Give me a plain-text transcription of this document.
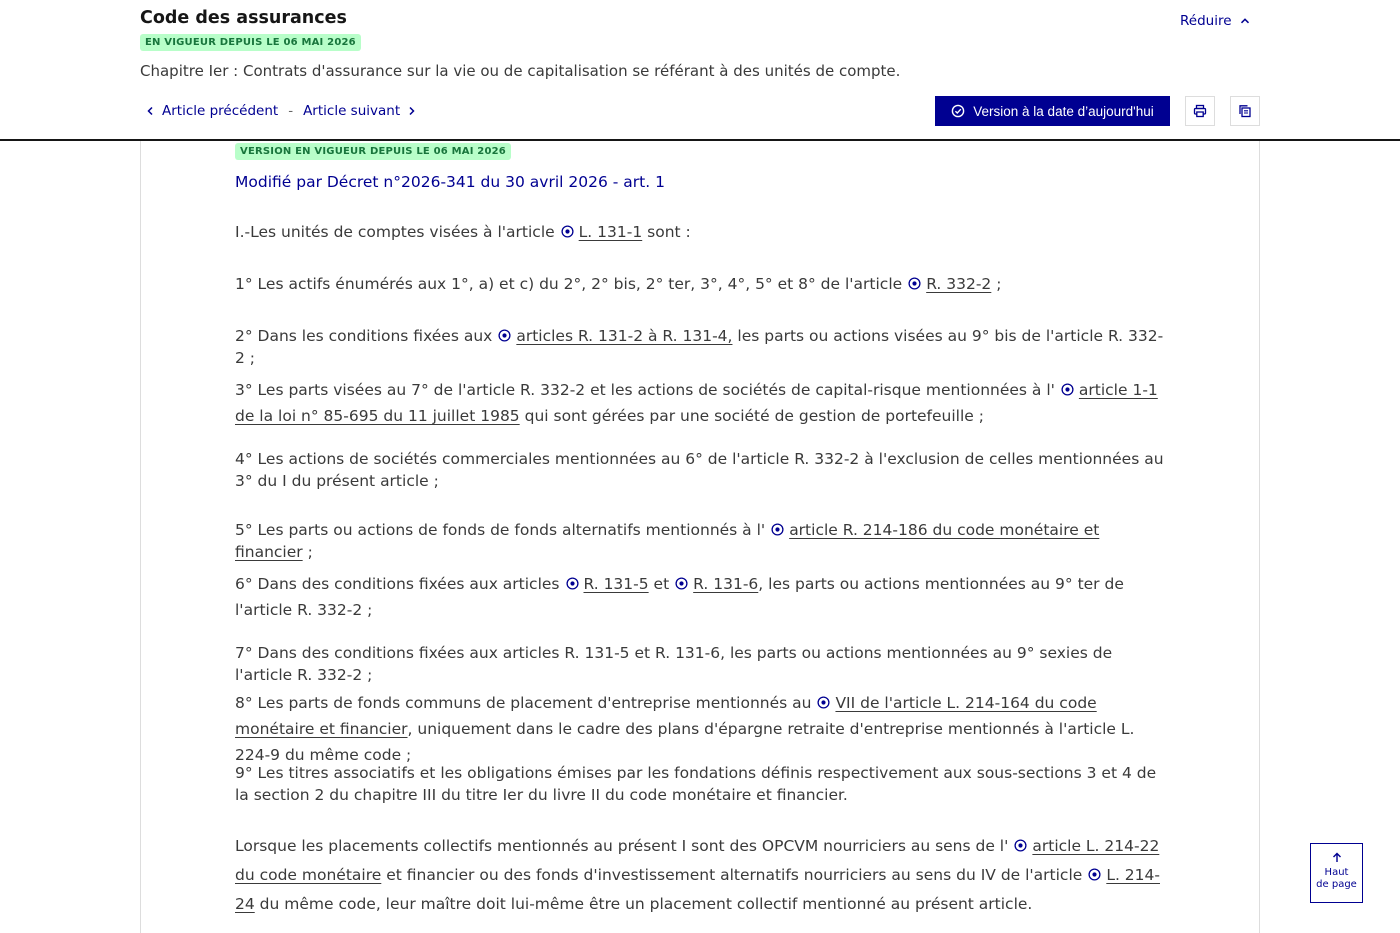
Code des assurances
EN VIGUEUR DEPUIS LE 06 MAI 2026
Réduire
Chapitre Ier : Contrats d'assurance sur la vie ou de capitalisation se référant à des unités de compte.
Article précédent - Article suivant	Version à la date d’aujourd'hui
VERSION EN VIGUEUR DEPUIS LE 06 MAI 2026
Modifié par Décret n°2026-341 du 30 avril 2026 - art. 1
I.-Les unités de comptes visées à l'article L. 131-1 sont :
1° Les actifs énumérés aux 1°, a) et c) du 2°, 2° bis, 2° ter, 3°, 4°, 5° et 8° de l'article R. 332-2 ;
2° Dans les conditions fixées aux articles R. 131-2 à R. 131-4, les parts ou actions visées au 9° bis de l'article R. 332-2 ;
3° Les parts visées au 7° de l'article R. 332-2 et les actions de sociétés de capital-risque mentionnées à l' article 1-1 de la loi n° 85-695 du 11 juillet 1985 qui sont gérées par une société de gestion de portefeuille ;
4° Les actions de sociétés commerciales mentionnées au 6° de l'article R. 332-2 à l'exclusion de celles mentionnées au 3° du I du présent article ;
5° Les parts ou actions de fonds de fonds alternatifs mentionnés à l' article R. 214-186 du code monétaire et financier ;
6° Dans des conditions fixées aux articles R. 131-5 et R. 131-6, les parts ou actions mentionnées au 9° ter de l'article R. 332-2 ;
7° Dans des conditions fixées aux articles R. 131-5 et R. 131-6, les parts ou actions mentionnées au 9° sexies de l'article R. 332-2 ;
8° Les parts de fonds communs de placement d'entreprise mentionnés au VII de l'article L. 214-164 du code monétaire et financier, uniquement dans le cadre des plans d'épargne retraite d'entreprise mentionnés à l'article L. 224-9 du même code ;
9° Les titres associatifs et les obligations émises par les fondations définis respectivement aux sous-sections 3 et 4 de la section 2 du chapitre III du titre Ier du livre II du code monétaire et financier.
Lorsque les placements collectifs mentionnés au présent I sont des OPCVM nourriciers au sens de l' article L. 214-22 du code monétaire et financier ou des fonds d'investissement alternatifs nourriciers au sens du IV de l'article L. 214-24 du même code, leur maître doit lui-même être un placement collectif mentionné au présent article.
Haut
de page
